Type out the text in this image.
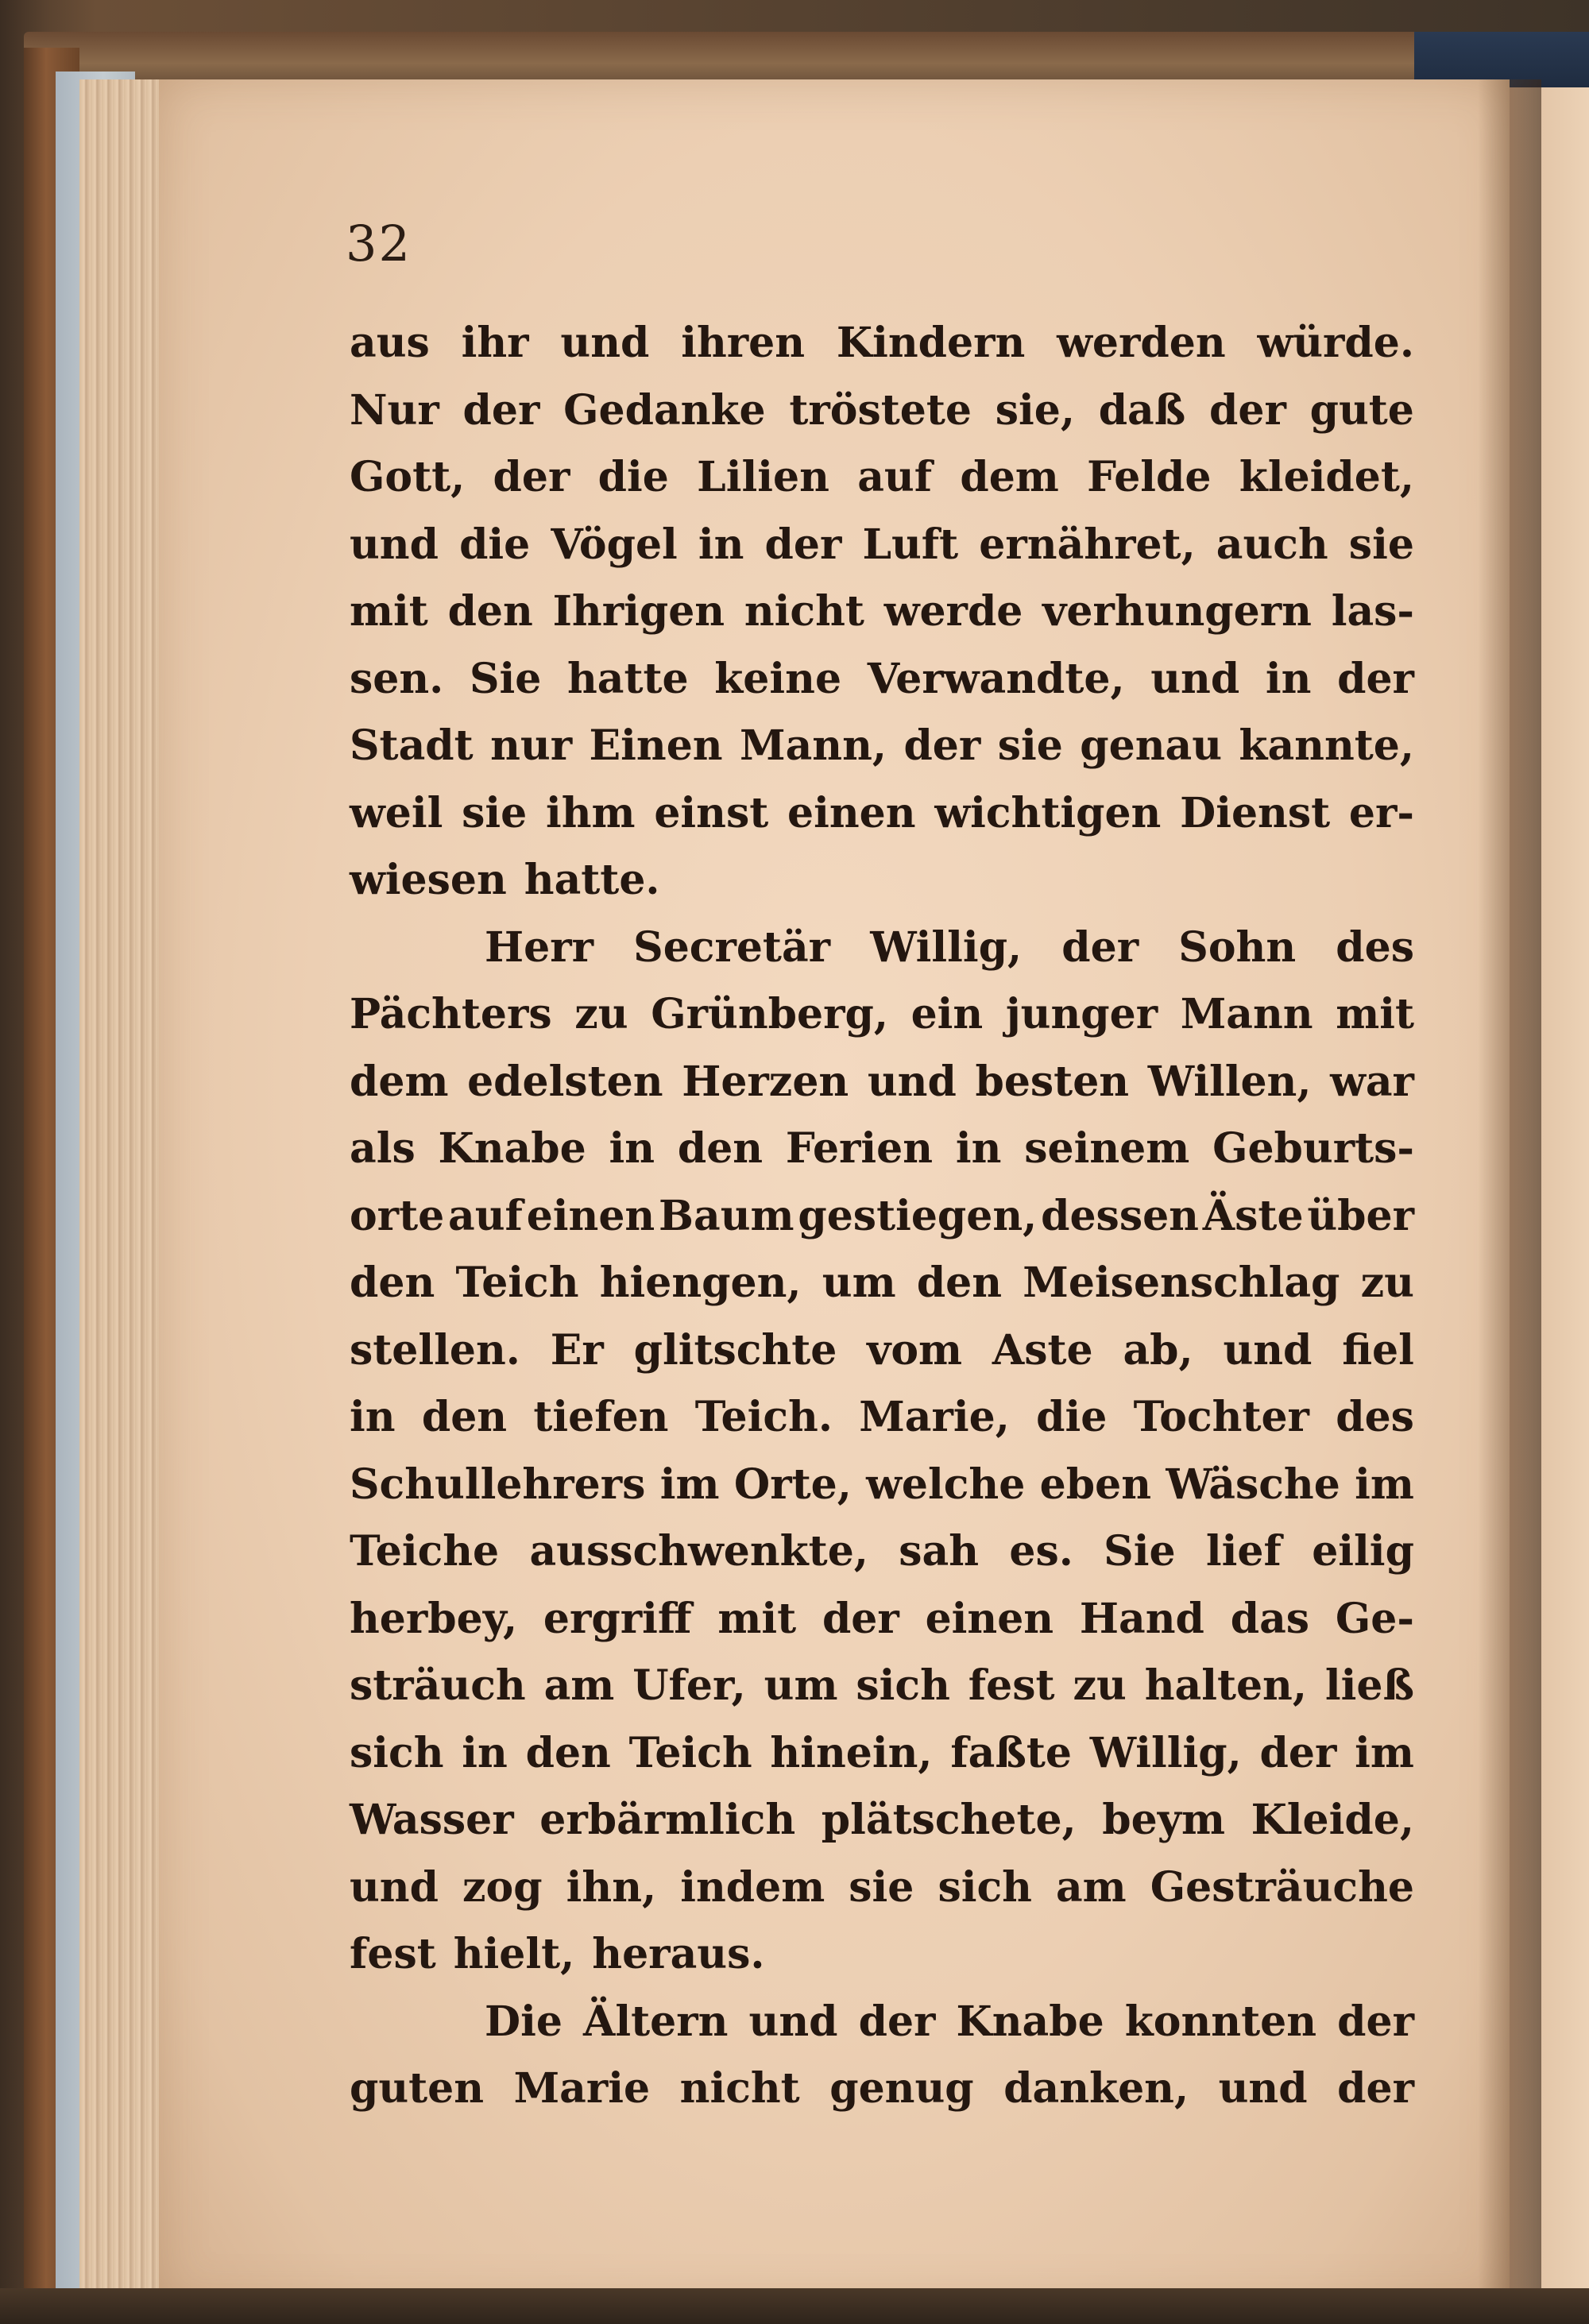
32
aus ihr und ihren Kindern werden würde.
Nur der Gedanke tröstete sie, daß der gute
Gott, der die Lilien auf dem Felde kleidet,
und die Vögel in der Luft ernähret, auch sie
mit den Ihrigen nicht werde verhungern las-
sen. Sie hatte keine Verwandte, und in der
Stadt nur Einen Mann, der sie genau kannte,
weil sie ihm einst einen wichtigen Dienst er-
wiesen hatte.
Herr Secretär Willig, der Sohn des
Pächters zu Grünberg, ein junger Mann mit
dem edelsten Herzen und besten Willen, war
als Knabe in den Ferien in seinem Geburts-
orte auf einen Baum gestiegen, dessen Äste über
den Teich hiengen, um den Meisenschlag zu
stellen. Er glitschte vom Aste ab, und fiel
in den tiefen Teich. Marie, die Tochter des
Schullehrers im Orte, welche eben Wäsche im
Teiche ausschwenkte, sah es. Sie lief eilig
herbey, ergriff mit der einen Hand das Ge-
sträuch am Ufer, um sich fest zu halten, ließ
sich in den Teich hinein, faßte Willig, der im
Wasser erbärmlich plätschete, beym Kleide,
und zog ihn, indem sie sich am Gesträuche
fest hielt, heraus.
Die Ältern und der Knabe konnten der
guten Marie nicht genug danken, und der
